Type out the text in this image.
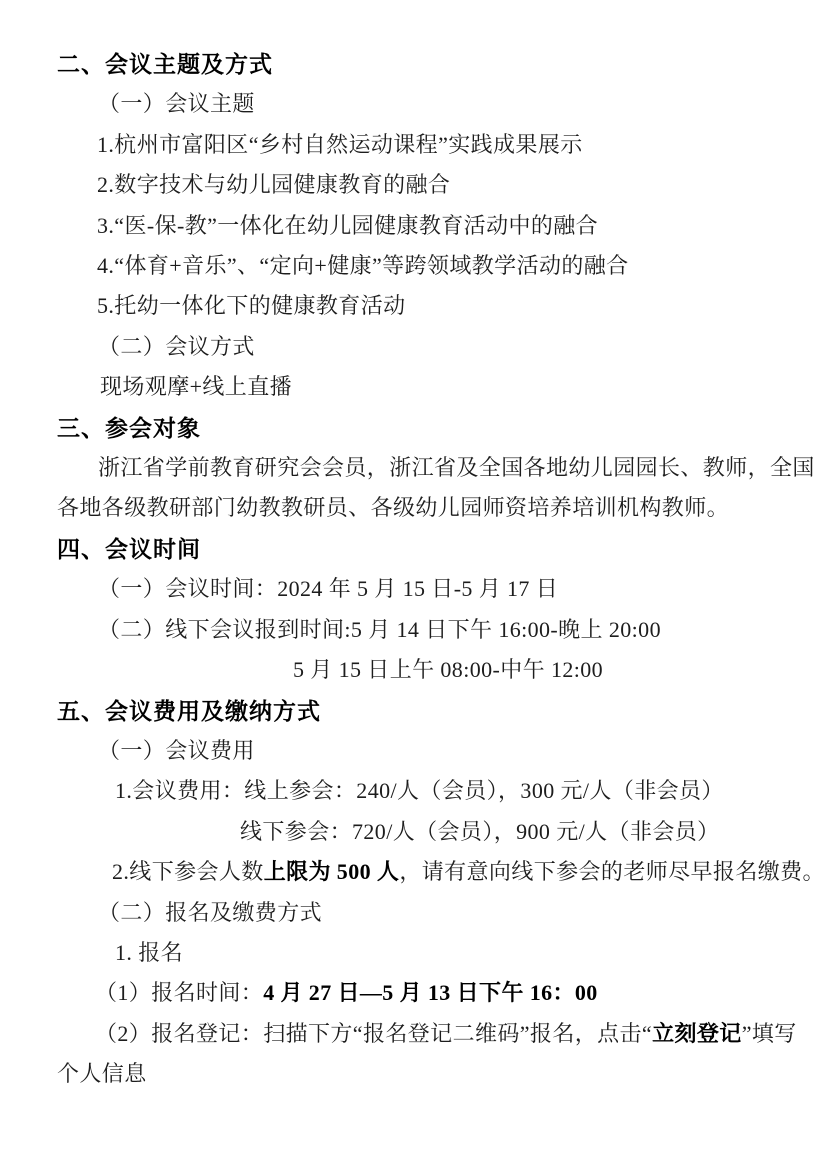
二、会议主题及方式

（一）会议主题

1.杭州市富阳区“乡村自然运动课程”实践成果展示

2.数字技术与幼儿园健康教育的融合

3.“医-保-教”一体化在幼儿园健康教育活动中的融合

4.“体育+音乐”、“定向+健康”等跨领域教学活动的融合

5.托幼一体化下的健康教育活动

（二）会议方式

现场观摩+线上直播

三、参会对象

浙江省学前教育研究会会员，浙江省及全国各地幼儿园园长、教师，全国

各地各级教研部门幼教教研员、各级幼儿园师资培养培训机构教师。

四、会议时间

（一）会议时间：2024 年 5 月 15 日-5 月 17 日

（二）线下会议报到时间:5 月 14 日下午 16:00-晚上 20:00

5 月 15 日上午 08:00-中午 12:00

五、会议费用及缴纳方式

（一）会议费用

1.会议费用：线上参会：240/人（会员），300 元/人（非会员）

线下参会：720/人（会员），900 元/人（非会员）

2.线下参会人数上限为 500 人，请有意向线下参会的老师尽早报名缴费。

（二）报名及缴费方式

1. 报名

（1）报名时间：4 月 27 日—5 月 13 日下午 16：00

（2）报名登记：扫描下方“报名登记二维码”报名，点击“立刻登记”填写

个人信息
